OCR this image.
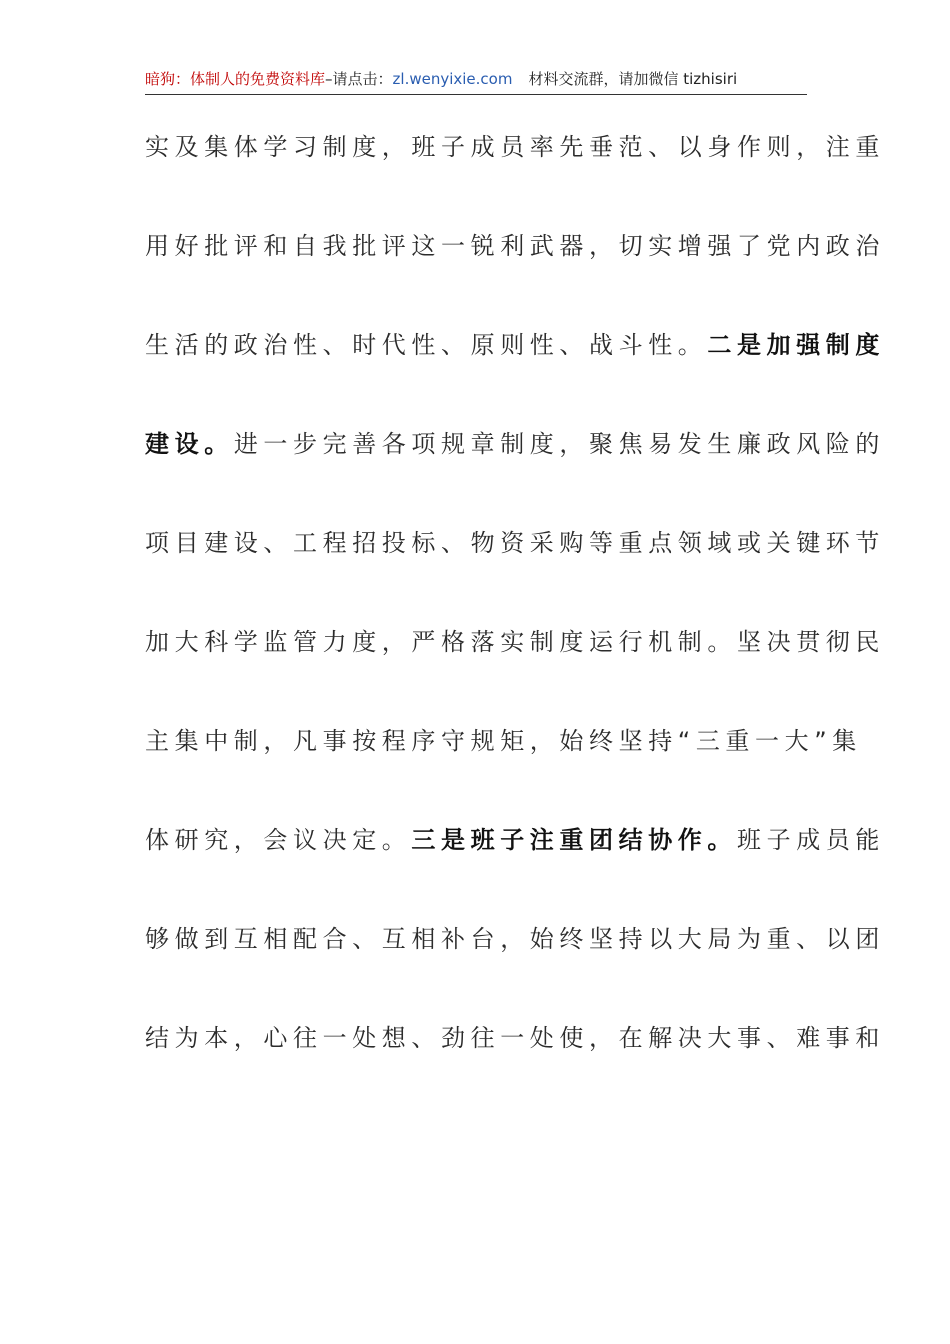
暗狗：体制人的免费资料库–请点击：zl.wenyixie.com 材料交流群，请加微信 tizhisiri
实及集体学习制度，班子成员率先垂范、以身作则，注重
用好批评和自我批评这一锐利武器，切实增强了党内政治
生活的政治性、时代性、原则性、战斗性。二是加强制度
建设。进一步完善各项规章制度，聚焦易发生廉政风险的
项目建设、工程招投标、物资采购等重点领域或关键环节
加大科学监管力度，严格落实制度运行机制。坚决贯彻民
主集中制，凡事按程序守规矩，始终坚持“三重一大”集
体研究，会议决定。三是班子注重团结协作。班子成员能
够做到互相配合、互相补台，始终坚持以大局为重、以团
结为本，心往一处想、劲往一处使，在解决大事、难事和
